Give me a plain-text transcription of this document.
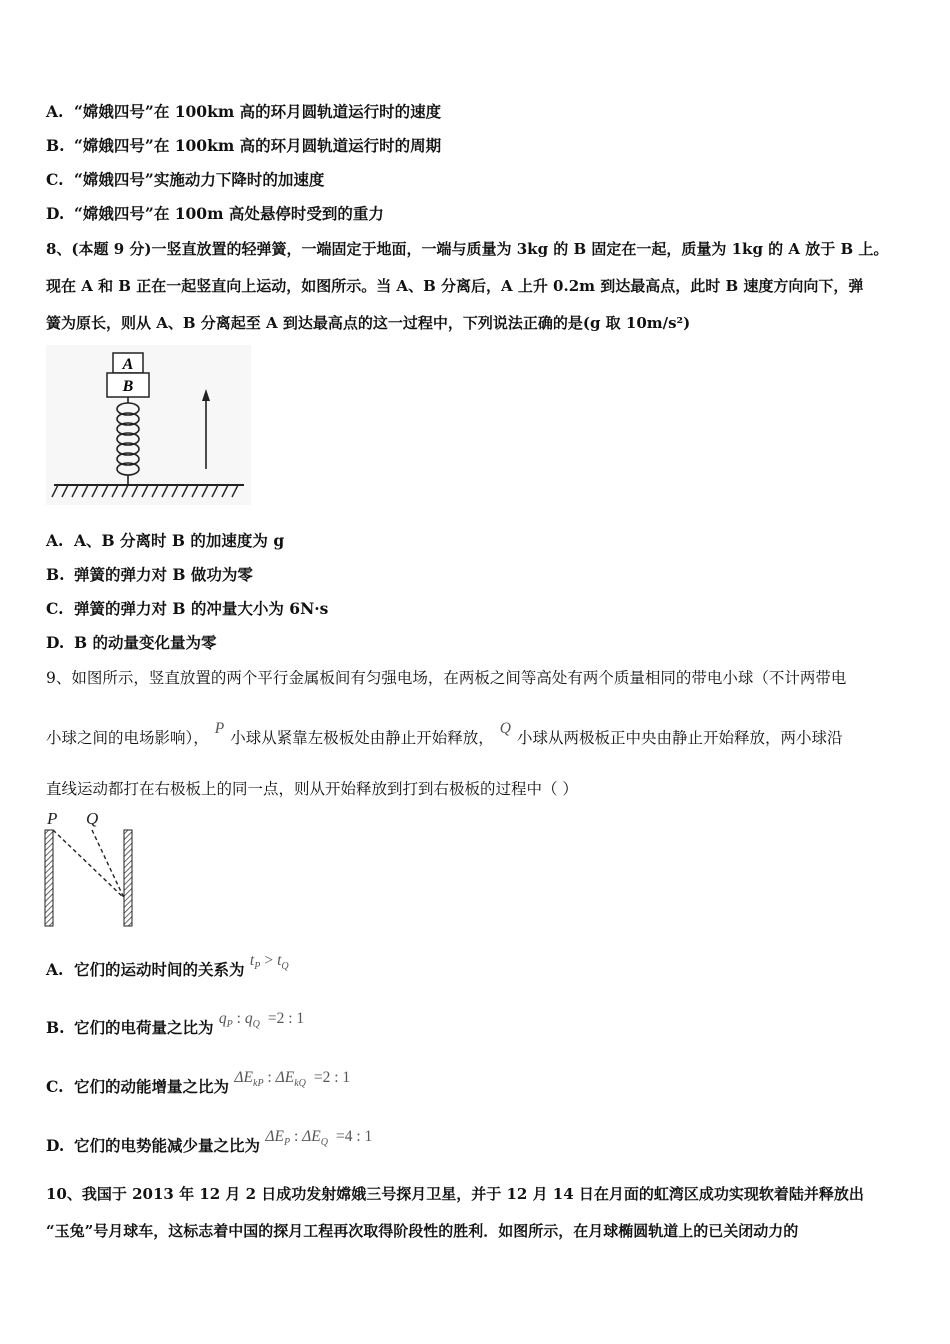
A. “嫦娥四号”在 100km 高的环月圆轨道运行时的速度
B. “嫦娥四号”在 100km 高的环月圆轨道运行时的周期
C. “嫦娥四号”实施动力下降时的加速度
D. “嫦娥四号”在 100m 高处悬停时受到的重力
8、(本题 9 分)一竖直放置的轻弹簧，一端固定于地面，一端与质量为 3kg 的 B 固定在一起，质量为 1kg 的 A 放于 B 上。
现在 A 和 B 正在一起竖直向上运动，如图所示。当 A、B 分离后，A 上升 0.2m 到达最高点，此时 B 速度方向向下，弹
簧为原长，则从 A、B 分离起至 A 到达最高点的这一过程中，下列说法正确的是(g 取 10m/s²)
A
B
A. A、B 分离时 B 的加速度为 g
B. 弹簧的弹力对 B 做功为零
C. 弹簧的弹力对 B 的冲量大小为 6N·s
D. B 的动量变化量为零
9、如图所示，竖直放置的两个平行金属板间有匀强电场，在两板之间等高处有两个质量相同的带电小球（不计两带电
小球之间的电场影响），P小球从紧靠左极板处由静止开始释放，Q小球从两极板正中央由静止开始释放，两小球沿
直线运动都打在右极板上的同一点，则从开始释放到打到右极板的过程中（ ）
P Q
A. 它们的运动时间的关系为 $t_P > t_Q$
B. 它们的电荷量之比为 $q_P$ : $q_Q =2$ : 1
C. 它们的动能增量之比为 $\Delta E_{kP}$ : $\Delta E_{kQ} =2$ : 1
D. 它们的电势能减少量之比为 $\Delta E_P$ : $\Delta E_Q =4$ : 1
10、我国于 2013 年 12 月 2 日成功发射嫦娥三号探月卫星，并于 12 月 14 日在月面的虹湾区成功实现软着陆并释放出
“玉兔”号月球车，这标志着中国的探月工程再次取得阶段性的胜利．如图所示，在月球椭圆轨道上的已关闭动力的
